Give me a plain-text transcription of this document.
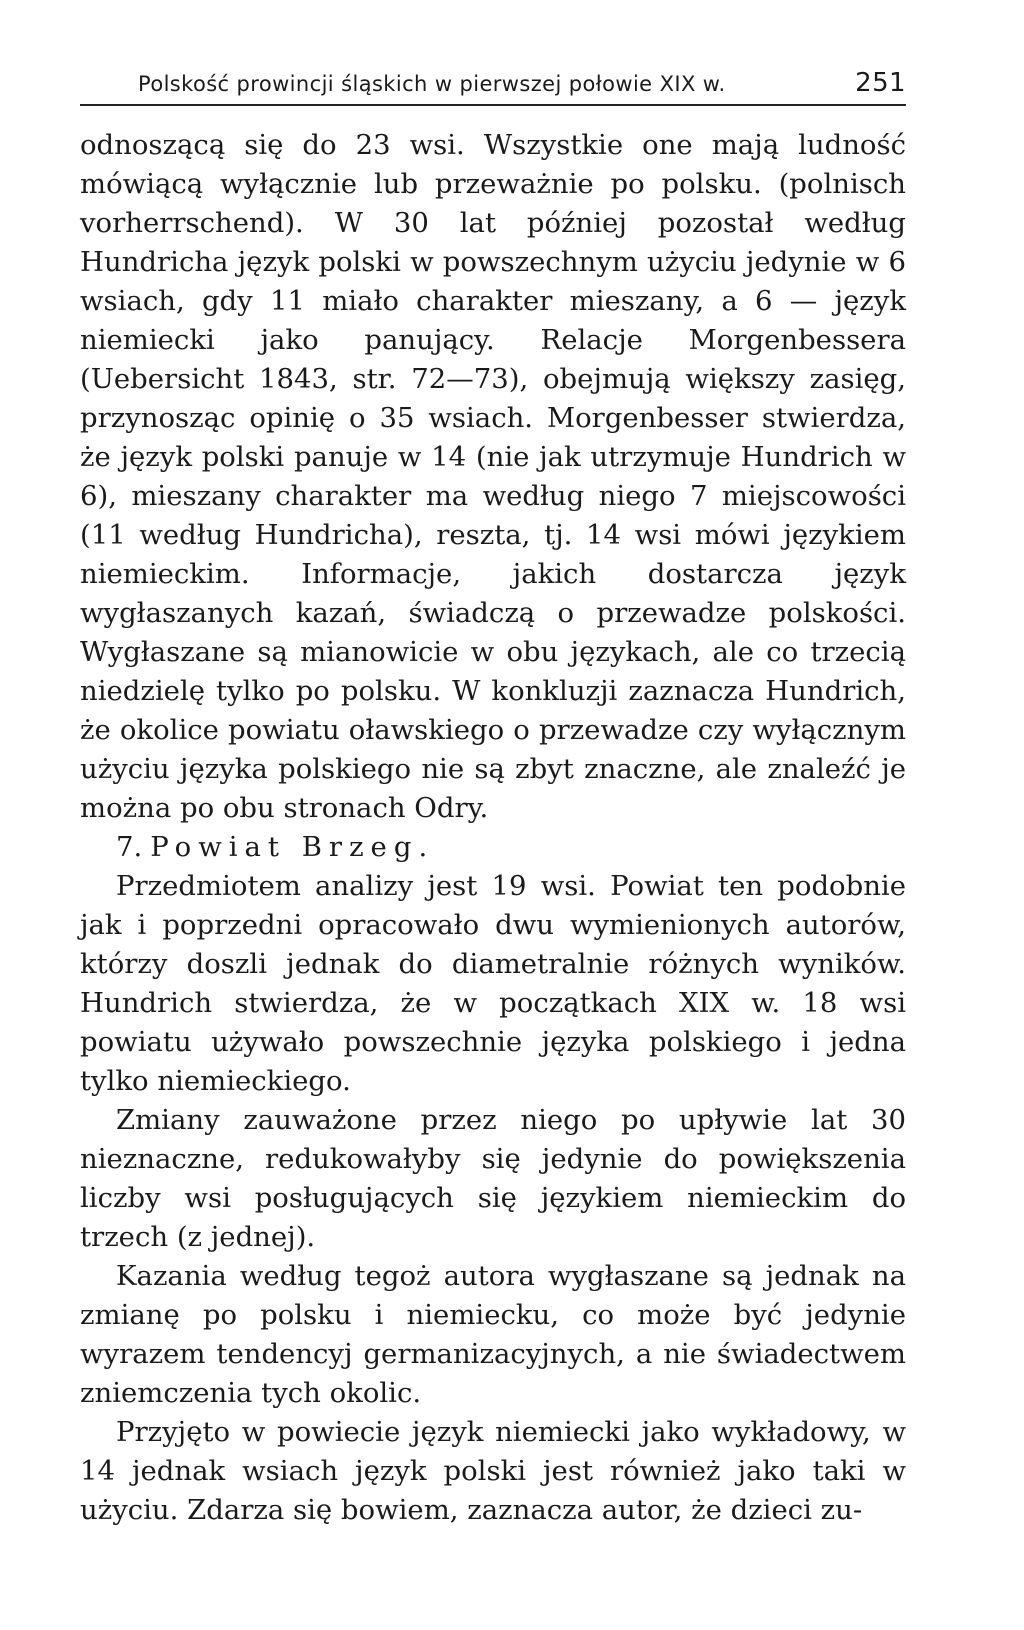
Polskość prowincji śląskich w pierwszej połowie XIX w.	251

odnoszącą się do 23 wsi. Wszystkie one mają ludność mówiącą wyłącznie lub przeważnie po polsku. (polnisch vorherrschend). W 30 lat później pozostał według Hundricha język polski w powszechnym użyciu jedynie w 6 wsiach, gdy 11 miało charakter mieszany, a 6 — język niemiecki jako panujący. Relacje Morgenbessera (Uebersicht 1843, str. 72—73), obejmują większy zasięg, przynosząc opinię o 35 wsiach. Morgenbesser stwierdza, że język polski panuje w 14 (nie jak utrzymuje Hundrich w 6), mieszany charakter ma według niego 7 miejscowości (11 według Hundricha), reszta, tj. 14 wsi mówi językiem niemieckim. Informacje, jakich dostarcza język wygłaszanych kazań, świadczą o przewadze polskości. Wygłaszane są mianowicie w obu językach, ale co trzecią niedzielę tylko po polsku. W konkluzji zaznacza Hundrich, że okolice powiatu oławskiego o przewadze czy wyłącznym użyciu języka polskiego nie są zbyt znaczne, ale znaleźć je można po obu stronach Odry.

7. Powiat Brzeg.

Przedmiotem analizy jest 19 wsi. Powiat ten podobnie jak i poprzedni opracowało dwu wymienionych autorów, którzy doszli jednak do diametralnie różnych wyników. Hundrich stwierdza, że w początkach XIX w. 18 wsi powiatu używało powszechnie języka polskiego i jedna tylko niemieckiego.

Zmiany zauważone przez niego po upływie lat 30 nieznaczne, redukowałyby się jedynie do powiększenia liczby wsi posługujących się językiem niemieckim do trzech (z jednej).

Kazania według tegoż autora wygłaszane są jednak na zmianę po polsku i niemiecku, co może być jedynie wyrazem tendencyj germanizacyjnych, a nie świadectwem zniemczenia tych okolic.

Przyjęto w powiecie język niemiecki jako wykładowy, w 14 jednak wsiach język polski jest również jako taki w użyciu. Zdarza się bowiem, zaznacza autor, że dzieci zu-
